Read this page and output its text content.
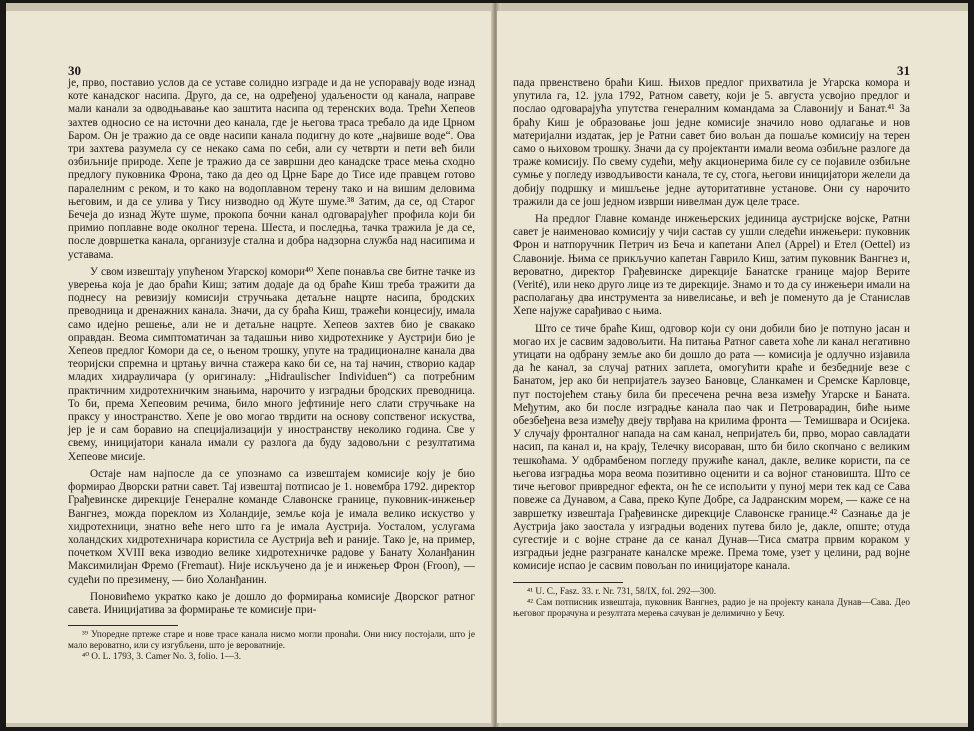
30

је, прво, поставио услов да се уставе солидно изграде и да не успоравају воде изнад коте канадског насипа. Друго, да се, на одређеној удаљености од канала, направе мали канали за одводњавање као заштита насипа од теренских вода. Трећи Хепеов захтев односио се на источни део канала, где је његова траса требало да иде Црном Баром. Он је тражио да се овде насипи канала подигну до коте „највише воде“. Ова три захтева разумела су се некако сама по себи, али су четврти и пети већ били озбиљније природе. Хепе је тражио да се завршни део канадске трасе мења сходно предлогу пуковника Фрона, тако да део од Црне Баре до Тисе иде правцем готово паралелним с реком, и то како на водоплавном терену тако и на вишим деловима његовим, и да се улива у Тису низводно од Жуте шуме.³⁸ Затим, да се, од Старог Бечеја до изнад Жуте шуме, прокопа бочни канал одговарајућег профила који би примио поплавне воде околног терена. Шеста, и последња, тачка тражила је да се, после довршетка канала, организује стална и добра надзорна служба над насипима и уставама.

У свом извештају упућеном Угарској комори⁴⁰ Хепе понавља све битне тачке из уверења која је дао браћи Киш; затим додаје да од браће Киш треба тражити да поднесу на ревизију комисији стручњака детаљне нацрте насипа, бродских преводница и дренажних канала. Значи, да су браћа Киш, тражећи концесију, имала само идејно решење, али не и детаљне нацрте. Хепеов захтев био је свакако оправдан. Веома симптоматичан за тадашњи ниво хидротехнике у Аустрији био је Хепеов предлог Комори да се, о њеном трошку, упуте на традиционалне канала два теоријски спремна и цртању вична стажера како би се, на тај начин, створио кадар младих хидрауличара (у оригиналу: „Hidraulischer Individuen“) са потребним практичним хидротехничким знањима, нарочито у изградњи бродских преводница. То би, према Хепеовим речима, било много јефтиније него слати стручњаке на праксу у иностранство. Хепе је ово могао тврдити на основу сопственог искуства, јер је и сам боравио на специјализацији у иностранству неколико година. Све у свему, иницијатори канала имали су разлога да буду задовољни с резултатима Хепеове мисије.

Остаје нам најпосле да се упознамо са извештајем комисије коју је био формирао Дворски ратни савет. Тај извештај потписао је 1. новембра 1792. директор Грађевинске дирекције Генералне команде Славонске границе, пуковник-инжењер Вангнез, можда пореклом из Холандије, земље која је имала велико искуство у хидротехници, знатно веће него што га је имала Аустрија. Уосталом, услугама холандских хидротехничара користила се Аустрија већ и раније. Тако је, на пример, почетком XVIII века изводио велике хидротехничке радове у Банату Холанђанин Максимилијан Фремо (Fremaut). Није искључено да је и инжењер Фрон (Froon), — судећи по презимену, — био Холанђанин.

Поновићемо укратко како је дошло до формирања комисије Дворског ратног савета. Иницијатива за формирање те комисије при-

³⁹ Упоредне пртеже старе и нове трасе канала нисмо могли пронаћи. Они нису постојали, што је мало вероватно, или су изгубљени, што је вероватније.

⁴⁰ O. L. 1793, 3. Camer No. 3, folio. 1—3.

31

пада првенствено браћи Киш. Њихов предлог прихватила је Угарска комора и упутила га, 12. јула 1792, Ратном савету, који је 5. августа усвојио предлог и послао одговарајућа упутства генералним командама за Славонију и Банат.⁴¹ За браћу Киш је образовање још једне комисије значило ново одлагање и нов материјални издатак, јер је Ратни савет био вољан да пошаље комисију на терен само о њиховом трошку. Значи да су пројектанти имали веома озбиљне разлоге да траже комисију. По свему судећи, међу акционерима биле су се појавиле озбиљне сумње у погледу изводљивости канала, те су, стога, његови иницијатори желели да добију подршку и мишљење једне ауторитативне установе. Они су нарочито тражили да се још једном изврши нивелман дуж целе трасе.

На предлог Главне команде инжењерских јединица аустријске војске, Ратни савет је наименовао комисију у чији састав су ушли следећи инжењери: пуковник Фрон и натпоручник Петрич из Беча и капетани Апел (Appel) и Етел (Oettel) из Славоније. Њима се прикључио капетан Гаврило Киш, затим пуковник Вангнез и, вероватно, директор Грађевинске дирекције Банатске границе мајор Верите (Verité), или неко друго лице из те дирекције. Знамо и то да су инжењери имали на располагању два инструмента за нивелисање, и већ је поменуто да је Станислав Хепе најуже сарађивао с њима.

Што се тиче браће Киш, одговор који су они добили био је потпуно јасан и могао их је сасвим задовољити. На питања Ратног савета хоће ли канал негативно утицати на одбрану земље ако би дошло до рата — комисија је одлучно изјавила да ће канал, за случај ратних заплета, омогућити краће и безбедније везе с Банатом, јер ако би непријатељ заузео Бановце, Сланкамен и Сремске Карловце, пут постојећем стању била би пресечена речна веза између Угарске и Баната. Међутим, ако би после изградње канала пао чак и Петроварадин, биће њиме обезбеђена веза између двеју тврђава на крилима фронта — Темишвара и Осијека. У случају фронталног напада на сам канал, непријатељ би, прво, морао савладати насип, па канал и, на крају, Телечку висораван, што би било скопчано с великим тешкоћама. У одбрамбеном погледу пружиће канал, дакле, велике користи, па се његова изградња мора веома позитивно оценити и са војног становишта. Што се тиче његовог привредног ефекта, он ће се испољити у пуној мери тек кад се Сава повеже са Дунавом, а Сава, преко Купе Добре, са Јадранским морем, — каже се на завршетку извештаја Грађевинске дирекције Славонске границе.⁴² Сазнање да је Аустрија јако заостала у изградњи водених путева било је, дакле, опште; отуда сугестије и с војне стране да се канал Дунав—Тиса сматра првим кораком у изградњи једне разгранате каналске мреже. Према томе, узет у целини, рад војне комисије испао је сасвим повољан по иницијаторе канала.

⁴¹ U. C., Fasz. 33. r. Nr. 731, 58/IX, fol. 292—300.

⁴² Сам потписник извештаја, пуковник Вангнез, радио је на пројекту канала Дунав—Сава. Део његовог прорачуна и резултата мерења сачуван је делимично у Бечу.
